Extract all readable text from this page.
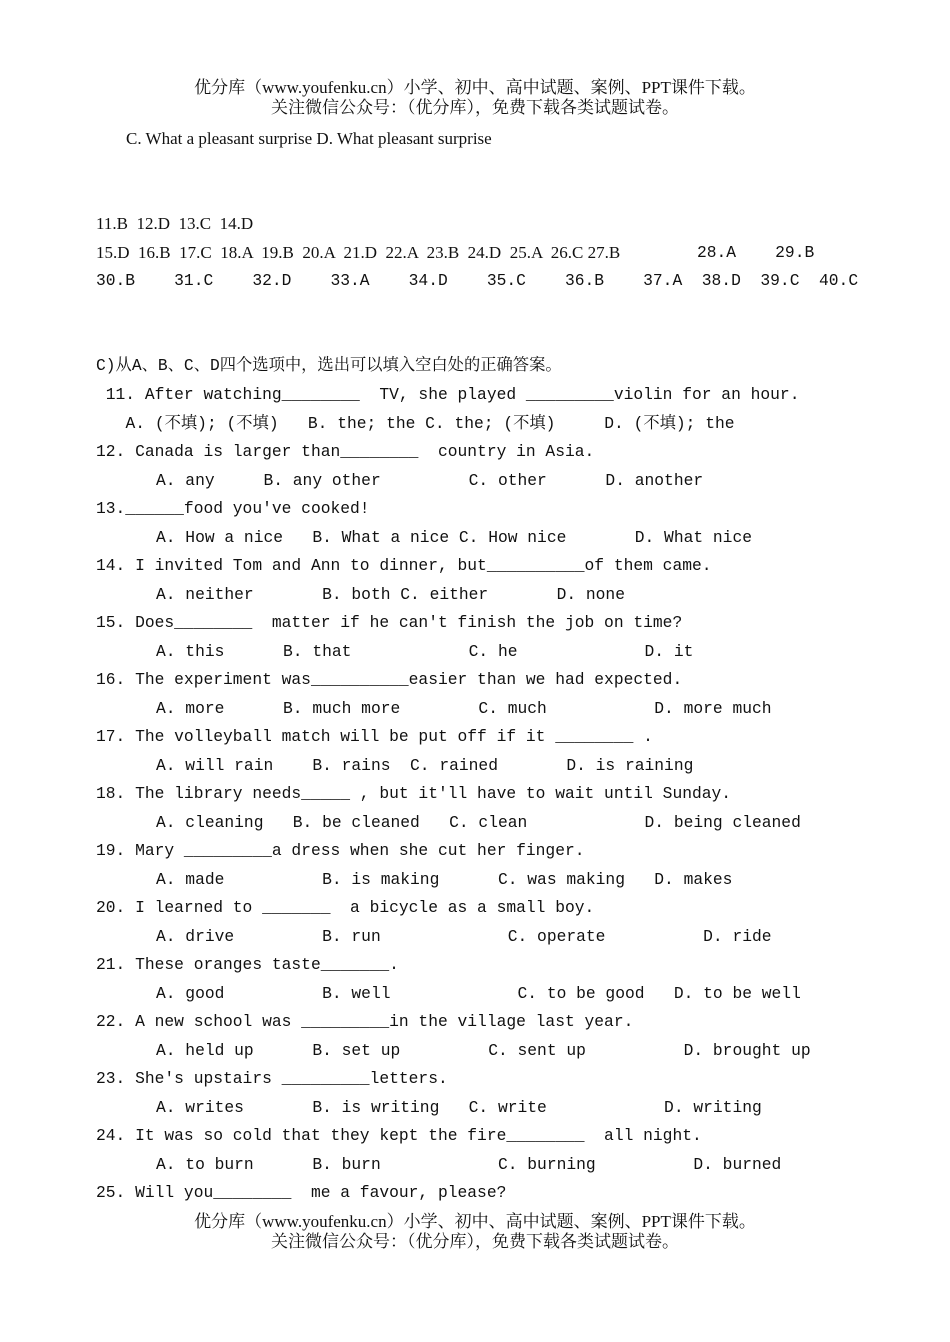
优分库（www.youfenku.cn）小学、初中、高中试题、案例、PPT课件下载。
关注微信公众号：（优分库），免费下载各类试题试卷。
C. What a pleasant surprise D. What pleasant surprise
11.B  12.D  13.C  14.D
15.D  16.B  17.C  18.A  19.B  20.A  21.D  22.A  23.B  24.D  25.A  26.C 27.B	28.A    29.B
30.B    31.C    32.D    33.A    34.D    35.C    36.B    37.A  38.D  39.C  40.C
C)从A、B、C、D四个选项中，选出可以填入空白处的正确答案。
11. After watching________  TV, she played _________violin for an hour.
A. (不填); (不填)   B. the; the C. the; (不填)     D. (不填); the
12. Canada is larger than________  country in Asia.
A. any     B. any other         C. other      D. another
13.______food you've cooked!
A. How a nice   B. What a nice C. How nice       D. What nice
14. I invited Tom and Ann to dinner, but__________of them came.
A. neither       B. both C. either       D. none
15. Does________  matter if he can't finish the job on time?
A. this      B. that            C. he             D. it
16. The experiment was__________easier than we had expected.
A. more      B. much more        C. much           D. more much
17. The volleyball match will be put off if it ________ .
A. will rain    B. rains  C. rained       D. is raining
18. The library needs_____ , but it'll have to wait until Sunday.
A. cleaning   B. be cleaned   C. clean            D. being cleaned
19. Mary _________a dress when she cut her finger.
A. made          B. is making      C. was making   D. makes
20. I learned to _______  a bicycle as a small boy.
A. drive         B. run             C. operate          D. ride
21. These oranges taste_______.
A. good          B. well             C. to be good   D. to be well
22. A new school was _________in the village last year.
A. held up      B. set up         C. sent up          D. brought up
23. She's upstairs _________letters.
A. writes       B. is writing   C. write            D. writing
24. It was so cold that they kept the fire________  all night.
A. to burn      B. burn            C. burning          D. burned
25. Will you________  me a favour, please?
优分库（www.youfenku.cn）小学、初中、高中试题、案例、PPT课件下载。
关注微信公众号：（优分库），免费下载各类试题试卷。
